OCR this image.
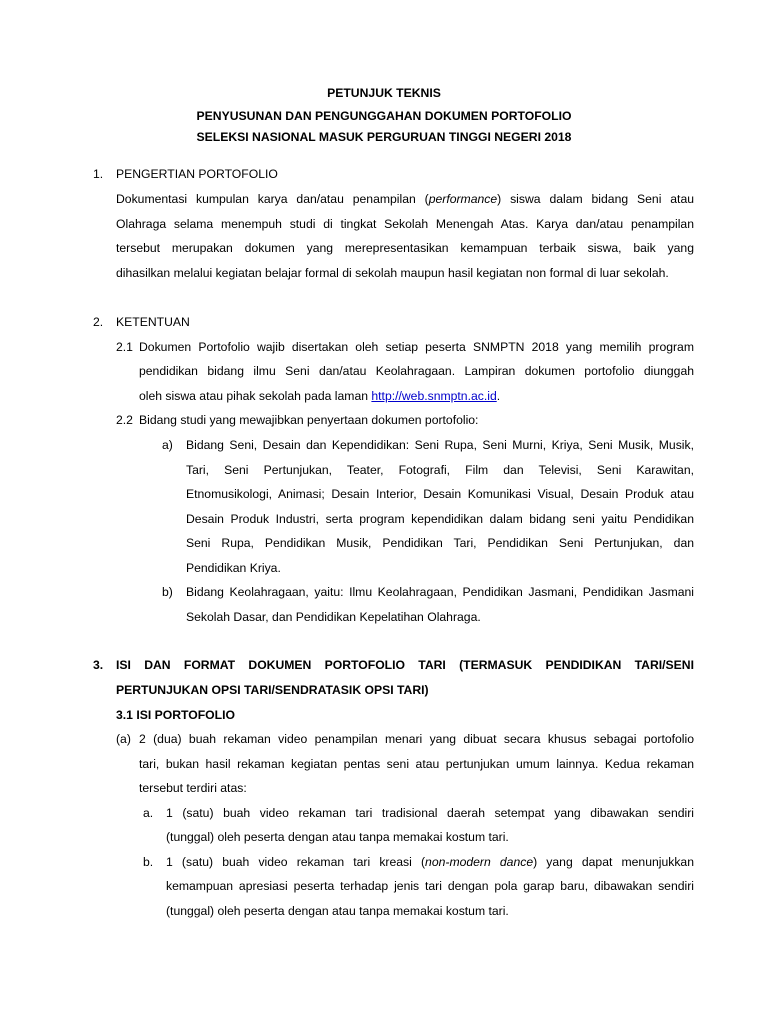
PETUNJUK TEKNIS
PENYUSUNAN DAN PENGUNGGAHAN DOKUMEN PORTOFOLIO
SELEKSI NASIONAL MASUK PERGURUAN TINGGI NEGERI 2018
1. PENGERTIAN PORTOFOLIO
Dokumentasi kumpulan karya dan/atau penampilan (performance) siswa dalam bidang Seni atau
Olahraga selama menempuh studi di tingkat Sekolah Menengah Atas. Karya dan/atau penampilan
tersebut merupakan dokumen yang merepresentasikan kemampuan terbaik siswa, baik yang
dihasilkan melalui kegiatan belajar formal di sekolah maupun hasil kegiatan non formal di luar sekolah.
2. KETENTUAN
2.1 Dokumen Portofolio wajib disertakan oleh setiap peserta SNMPTN 2018 yang memilih program
pendidikan bidang ilmu Seni dan/atau Keolahragaan. Lampiran dokumen portofolio diunggah
oleh siswa atau pihak sekolah pada laman http://web.snmptn.ac.id.
2.2 Bidang studi yang mewajibkan penyertaan dokumen portofolio:
a) Bidang Seni, Desain dan Kependidikan: Seni Rupa, Seni Murni, Kriya, Seni Musik, Musik,
Tari, Seni Pertunjukan, Teater, Fotografi, Film dan Televisi, Seni Karawitan,
Etnomusikologi, Animasi; Desain Interior, Desain Komunikasi Visual, Desain Produk atau
Desain Produk Industri, serta program kependidikan dalam bidang seni yaitu Pendidikan
Seni Rupa, Pendidikan Musik, Pendidikan Tari, Pendidikan Seni Pertunjukan, dan
Pendidikan Kriya.
b) Bidang Keolahragaan, yaitu: Ilmu Keolahragaan, Pendidikan Jasmani, Pendidikan Jasmani
Sekolah Dasar, dan Pendidikan Kepelatihan Olahraga.
3. ISI DAN FORMAT DOKUMEN PORTOFOLIO TARI (TERMASUK PENDIDIKAN TARI/SENI
PERTUNJUKAN OPSI TARI/SENDRATASIK OPSI TARI)
3.1 ISI PORTOFOLIO
(a) 2 (dua) buah rekaman video penampilan menari yang dibuat secara khusus sebagai portofolio
tari, bukan hasil rekaman kegiatan pentas seni atau pertunjukan umum lainnya. Kedua rekaman
tersebut terdiri atas:
a. 1 (satu) buah video rekaman tari tradisional daerah setempat yang dibawakan sendiri
(tunggal) oleh peserta dengan atau tanpa memakai kostum tari.
b. 1 (satu) buah video rekaman tari kreasi (non-modern dance) yang dapat menunjukkan
kemampuan apresiasi peserta terhadap jenis tari dengan pola garap baru, dibawakan sendiri
(tunggal) oleh peserta dengan atau tanpa memakai kostum tari.
